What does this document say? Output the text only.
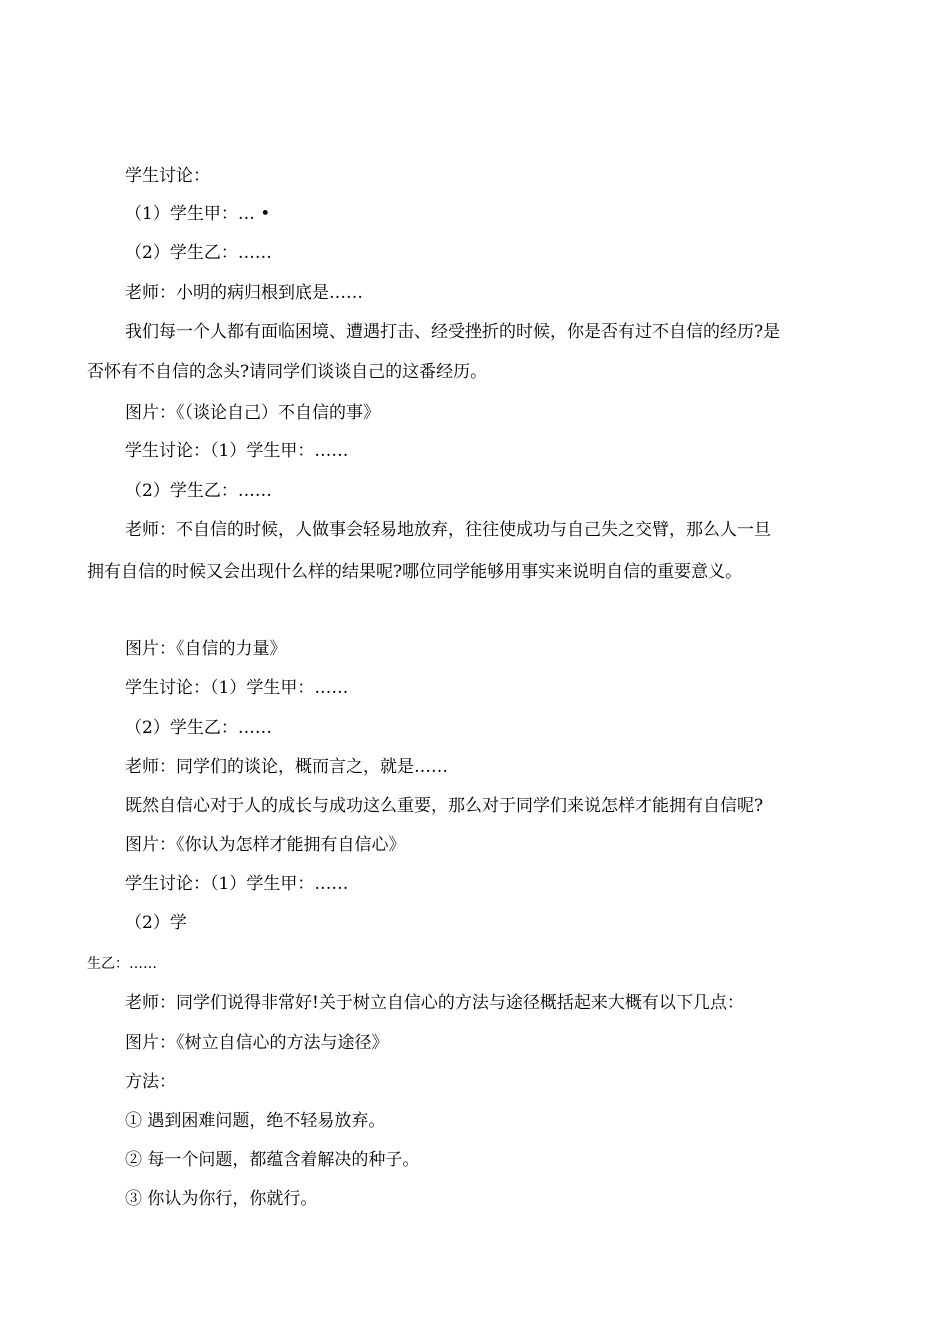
学生讨论：
（1）学生甲：… •
（2）学生乙：……
老师：小明的病归根到底是……
我们每一个人都有面临困境、遭遇打击、经受挫折的时候，你是否有过不自信的经历?是
否怀有不自信的念头?请同学们谈谈自己的这番经历。
图片：《（谈论自己）不自信的事》
学生讨论：（1）学生甲：……
（2）学生乙：……
老师：不自信的时候，人做事会轻易地放弃，往往使成功与自己失之交臂，那么人一旦
拥有自信的时候又会出现什么样的结果呢?哪位同学能够用事实来说明自信的重要意义。
图片：《自信的力量》
学生讨论：（1）学生甲：……
（2）学生乙：……
老师：同学们的谈论，概而言之，就是……
既然自信心对于人的成长与成功这么重要，那么对于同学们来说怎样才能拥有自信呢?
图片：《你认为怎样才能拥有自信心》
学生讨论：（1）学生甲：……
（2）学
生乙：……
老师：同学们说得非常好!关于树立自信心的方法与途径概括起来大概有以下几点：
图片：《树立自信心的方法与途径》
方法：
① 遇到困难问题，绝不轻易放弃。
② 每一个问题，都蕴含着解决的种子。
③ 你认为你行，你就行。
